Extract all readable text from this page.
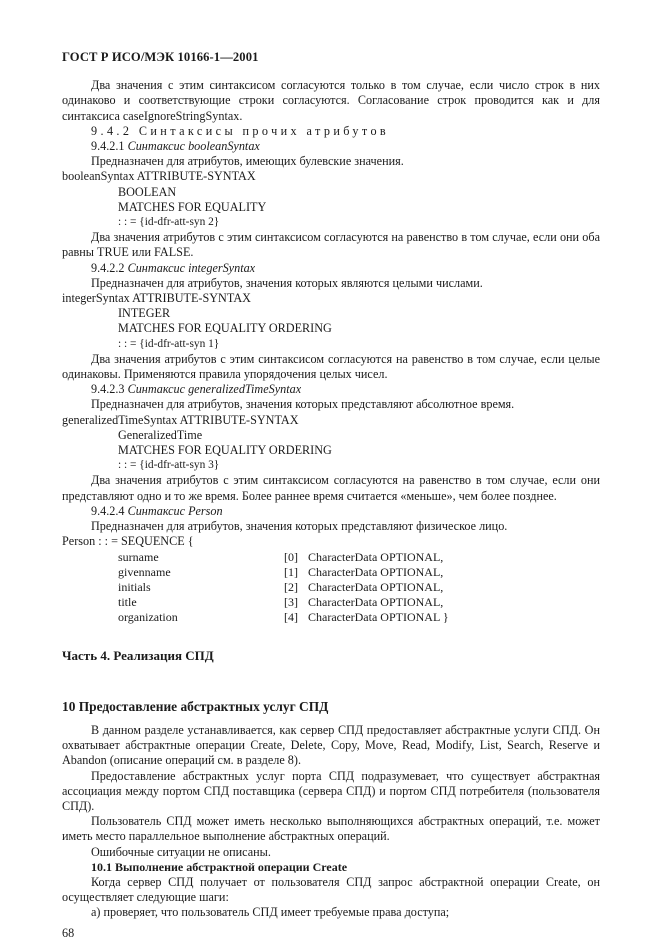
ГОСТ Р ИСО/МЭК 10166-1—2001

Два значения с этим синтаксисом согласуются только в том случае, если число строк в них одинаково и соответствующие строки согласуются. Согласование строк проводится как и для синтаксиса caseIgnoreStringSyntax.

9.4.2 Синтаксисы прочих атрибутов

9.4.2.1 Синтаксис booleanSyntax

Предназначен для атрибутов, имеющих булевские значения.

booleanSyntax ATTRIBUTE-SYNTAX

BOOLEAN

MATCHES FOR EQUALITY

: : = {id-dfr-att-syn 2}

Два значения атрибутов с этим синтаксисом согласуются на равенство в том случае, если они оба равны TRUE или FALSE.

9.4.2.2 Синтаксис integerSyntax

Предназначен для атрибутов, значения которых являются целыми числами.

integerSyntax ATTRIBUTE-SYNTAX

INTEGER

MATCHES FOR EQUALITY ORDERING

: : = {id-dfr-att-syn 1}

Два значения атрибутов с этим синтаксисом согласуются на равенство в том случае, если целые одинаковы. Применяются правила упорядочения целых чисел.

9.4.2.3 Синтаксис generalizedTimeSyntax

Предназначен для атрибутов, значения которых представляют абсолютное время.

generalizedTimeSyntax ATTRIBUTE-SYNTAX

GeneralizedTime

MATCHES FOR EQUALITY ORDERING

: : = {id-dfr-att-syn 3}

Два значения атрибутов с этим синтаксисом согласуются на равенство в том случае, если они представляют одно и то же время. Более раннее время считается «меньше», чем более позднее.

9.4.2.4 Синтаксис Person

Предназначен для атрибутов, значения которых представляют физическое лицо.

Person : : = SEQUENCE {

surname	[0]	CharacterData OPTIONAL,
givenname	[1]	CharacterData OPTIONAL,
initials	[2]	CharacterData OPTIONAL,
title	[3]	CharacterData OPTIONAL,
organization	[4]	CharacterData OPTIONAL }
Часть 4. Реализация СПД
10 Предоставление абстрактных услуг СПД

В данном разделе устанавливается, как сервер СПД предоставляет абстрактные услуги СПД. Он охватывает абстрактные операции Create, Delete, Copy, Move, Read, Modify, List, Search, Reserve и Abandon (описание операций см. в разделе 8).

Предоставление абстрактных услуг порта СПД подразумевает, что существует абстрактная ассоциация между портом СПД поставщика (сервера СПД) и портом СПД потребителя (пользователя СПД).

Пользователь СПД может иметь несколько выполняющихся абстрактных операций, т.е. может иметь место параллельное выполнение абстрактных операций.

Ошибочные ситуации не описаны.

10.1 Выполнение абстрактной операции Create

Когда сервер СПД получает от пользователя СПД запрос абстрактной операции Create, он осуществляет следующие шаги:

а) проверяет, что пользователь СПД имеет требуемые права доступа;

68
